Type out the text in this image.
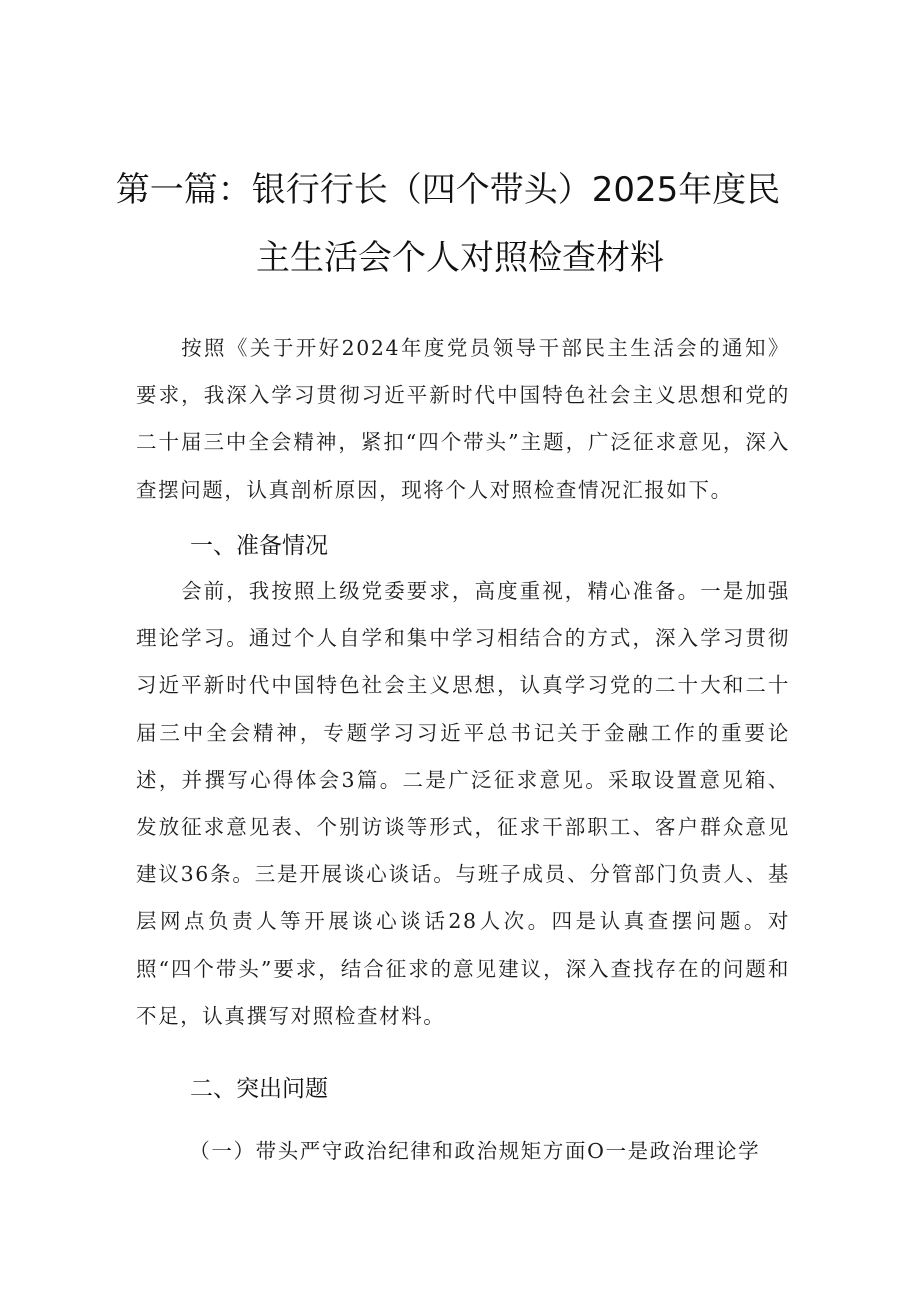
第一篇：银行行长（四个带头）2025年度民
主生活会个人对照检查材料

按照《关于开好2024年度党员领导干部民主生活会的通知》要求，我深入学习贯彻习近平新时代中国特色社会主义思想和党的二十届三中全会精神，紧扣“四个带头”主题，广泛征求意见，深入查摆问题，认真剖析原因，现将个人对照检查情况汇报如下。

一、准备情况

会前，我按照上级党委要求，高度重视，精心准备。一是加强理论学习。通过个人自学和集中学习相结合的方式，深入学习贯彻习近平新时代中国特色社会主义思想，认真学习党的二十大和二十届三中全会精神，专题学习习近平总书记关于金融工作的重要论述，并撰写心得体会3篇。二是广泛征求意见。采取设置意见箱、发放征求意见表、个别访谈等形式，征求干部职工、客户群众意见建议36条。三是开展谈心谈话。与班子成员、分管部门负责人、基层网点负责人等开展谈心谈话28人次。四是认真查摆问题。对照“四个带头”要求，结合征求的意见建议，深入查找存在的问题和不足，认真撰写对照检查材料。

二、突出问题

（一）带头严守政治纪律和政治规矩方面O一是政治理论学
